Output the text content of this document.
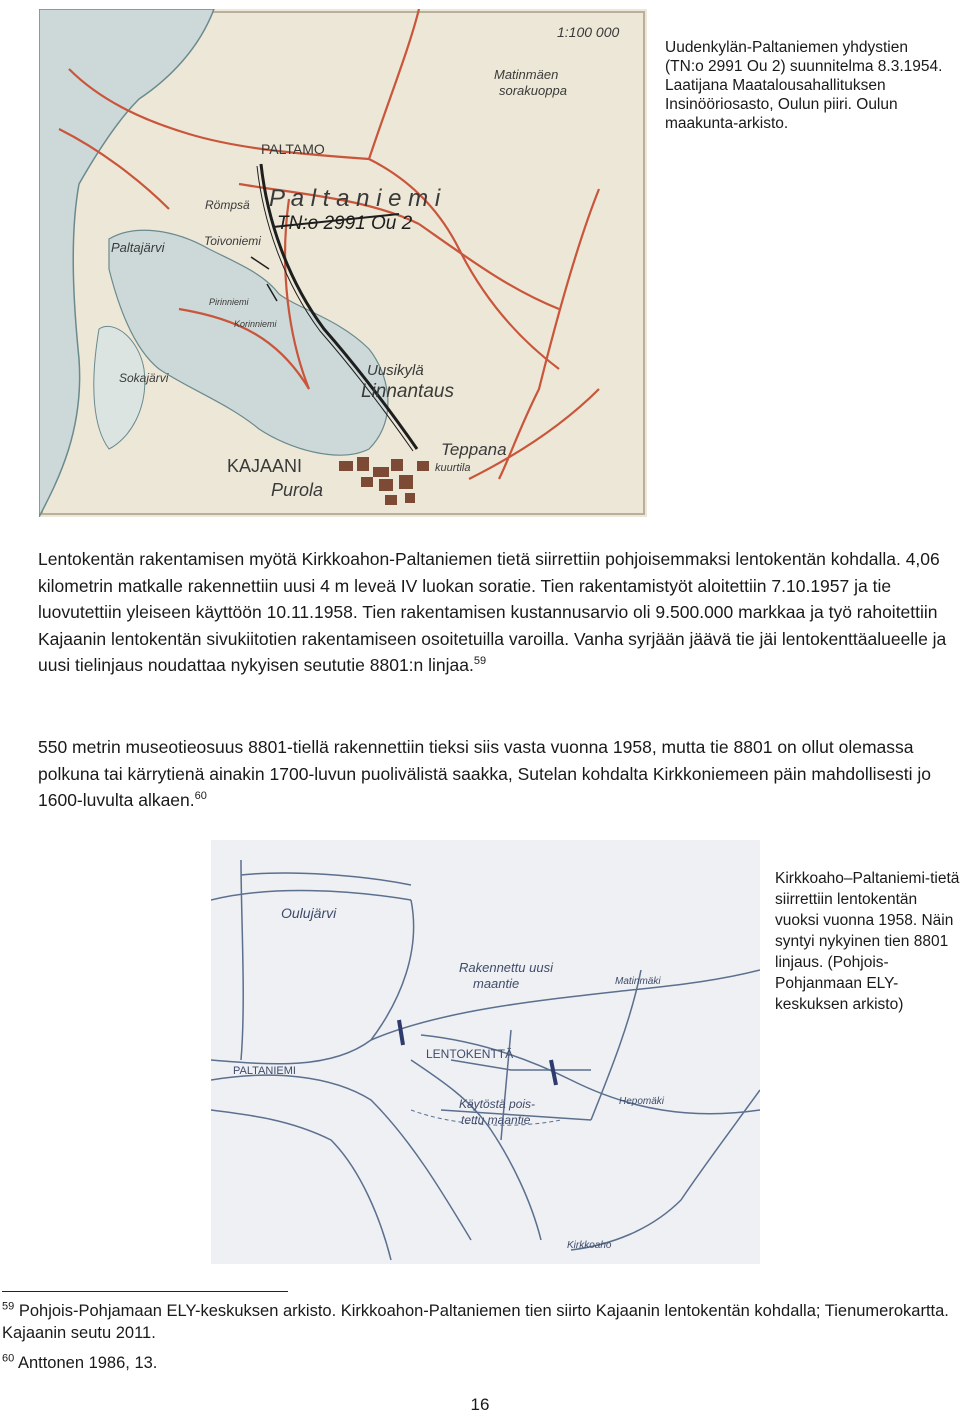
1:100 000
Matinmäen
sorakuoppa
PALTAMO
P a l t a n i e m i
Römpsä
TN:o 2991 Ou 2
Paltajärvi	Toivoniemi
Pirinniemi
Korinniemi
Uusikylä
Linnantaus
Sokajärvi
Teppana
kuurtila
KAJAANI
Purola
Uudenkylän-Paltaniemen yhdystien (TN:o 2991 Ou 2) suunnitelma 8.3.1954. Laatijana Maatalousahallituksen Insinööriosasto, Oulun piiri. Oulun maakunta-arkisto.
Lentokentän rakentamisen myötä Kirkkoahon-Paltaniemen tietä siirrettiin pohjoisemmaksi lentokentän kohdalla. 4,06 kilometrin matkalle rakennettiin uusi 4 m leveä IV luokan soratie. Tien rakentamistyöt aloitettiin 7.10.1957 ja tie luovutettiin yleiseen käyttöön 10.11.1958. Tien rakentamisen kustannusarvio oli 9.500.000 markkaa ja työ rahoitettiin Kajaanin lentokentän sivukiitotien rakentamiseen osoitetuilla varoilla. Vanha syrjään jäävä tie jäi lentokenttäalueelle ja uusi tielinjaus noudattaa nykyisen seututie 8801:n linjaa.$^{59}$
550 metrin museotieosuus 8801-tiellä rakennettiin tieksi siis vasta vuonna 1958, mutta tie 8801 on ollut olemassa polkuna tai kärrytienä ainakin 1700-luvun puolivälistä saakka, Sutelan kohdalta Kirkkoniemeen päin mahdollisesti jo 1600-luvulta alkaen.$^{60}$
Oulujärvi
Rakennettu uusi
maantie	Matinmäki
LENTOKENTTÄ
PALTANIEMI
Käytöstä pois-
tettu maantie
Hepomäki
Kirkkoaho
Kirkkoaho–Paltaniemi-tietä siirrettiin lentokentän vuoksi vuonna 1958. Näin syntyi nykyinen tien 8801 linjaus. (Pohjois-Pohjanmaan ELY-keskuksen arkisto)
$^{59}$ Pohjois-Pohjamaan ELY-keskuksen arkisto. Kirkkoahon-Paltaniemen tien siirto Kajaanin lentokentän kohdalla; Tienumerokartta. Kajaanin seutu 2011.
$^{60}$ Anttonen 1986, 13.
16
